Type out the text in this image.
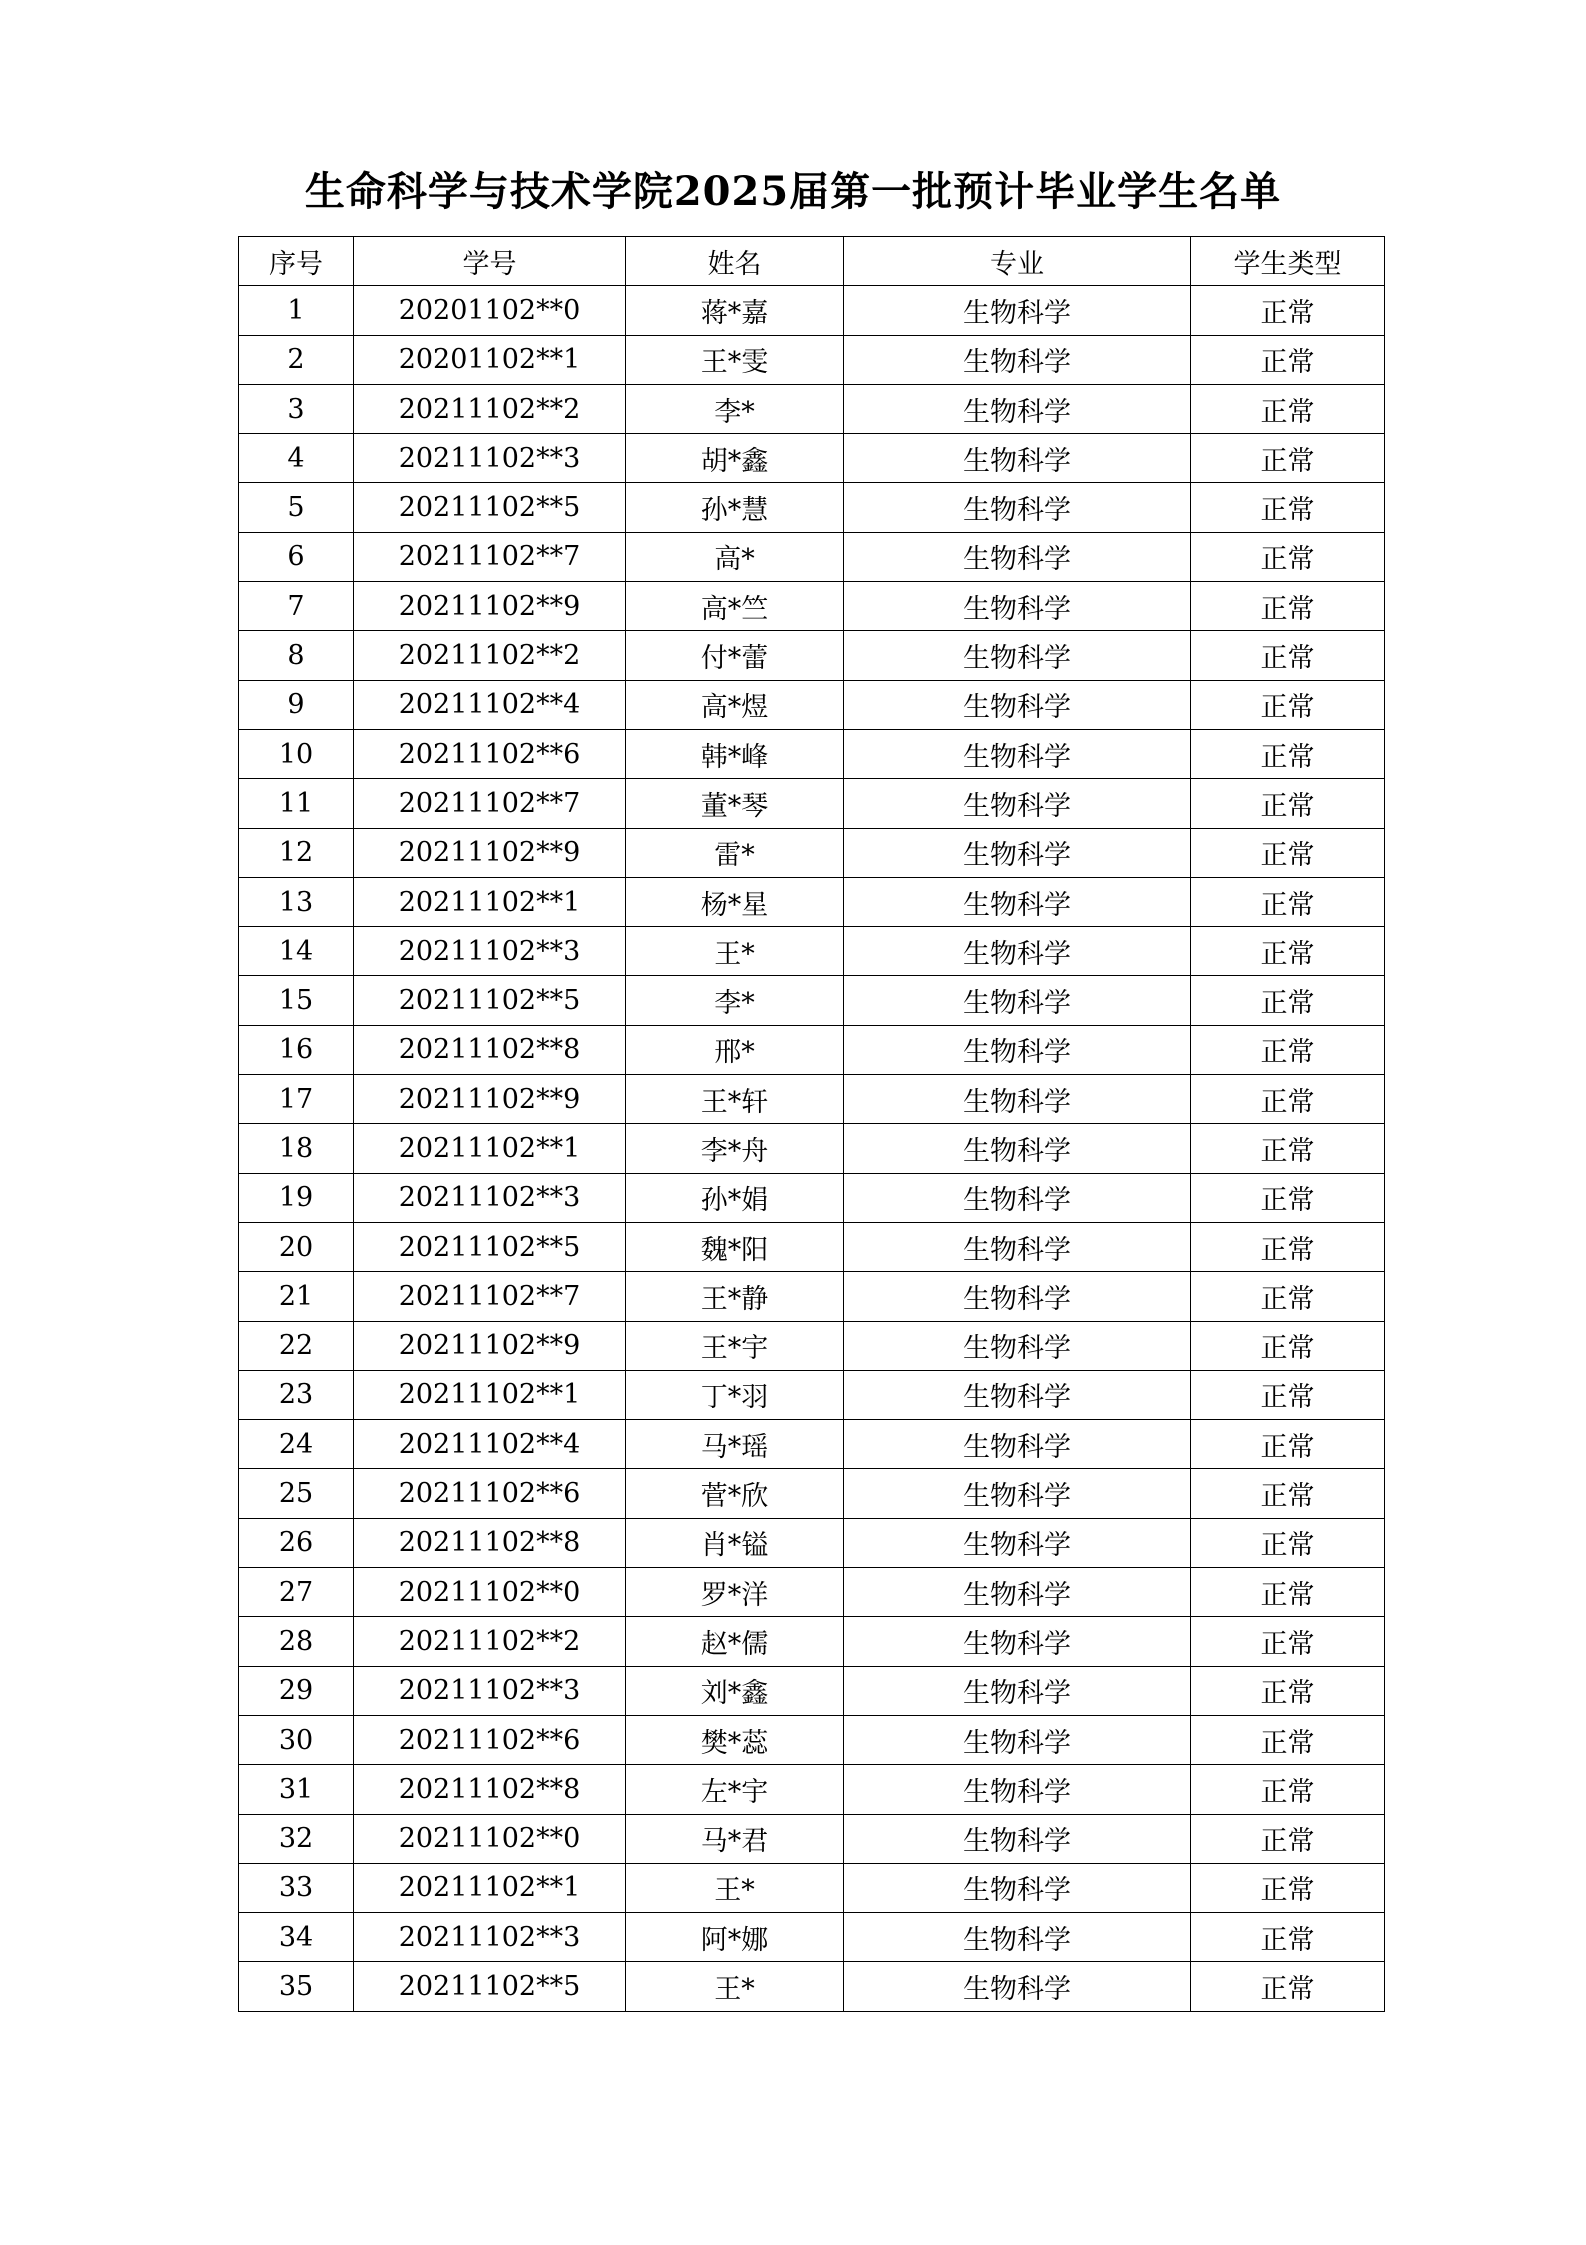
生命科学与技术学院2025届第一批预计毕业学生名单
序号	学号	姓名	专业	学生类型
1	20201102**0	蒋*嘉	生物科学	正常
2	20201102**1	王*雯	生物科学	正常
3	20211102**2	李*	生物科学	正常
4	20211102**3	胡*鑫	生物科学	正常
5	20211102**5	孙*慧	生物科学	正常
6	20211102**7	高*	生物科学	正常
7	20211102**9	高*竺	生物科学	正常
8	20211102**2	付*蕾	生物科学	正常
9	20211102**4	高*煜	生物科学	正常
10	20211102**6	韩*峰	生物科学	正常
11	20211102**7	董*琴	生物科学	正常
12	20211102**9	雷*	生物科学	正常
13	20211102**1	杨*星	生物科学	正常
14	20211102**3	王*	生物科学	正常
15	20211102**5	李*	生物科学	正常
16	20211102**8	邢*	生物科学	正常
17	20211102**9	王*轩	生物科学	正常
18	20211102**1	李*舟	生物科学	正常
19	20211102**3	孙*娟	生物科学	正常
20	20211102**5	魏*阳	生物科学	正常
21	20211102**7	王*静	生物科学	正常
22	20211102**9	王*宇	生物科学	正常
23	20211102**1	丁*羽	生物科学	正常
24	20211102**4	马*瑶	生物科学	正常
25	20211102**6	菅*欣	生物科学	正常
26	20211102**8	肖*镒	生物科学	正常
27	20211102**0	罗*洋	生物科学	正常
28	20211102**2	赵*儒	生物科学	正常
29	20211102**3	刘*鑫	生物科学	正常
30	20211102**6	樊*蕊	生物科学	正常
31	20211102**8	左*宇	生物科学	正常
32	20211102**0	马*君	生物科学	正常
33	20211102**1	王*	生物科学	正常
34	20211102**3	阿*娜	生物科学	正常
35	20211102**5	王*	生物科学	正常
